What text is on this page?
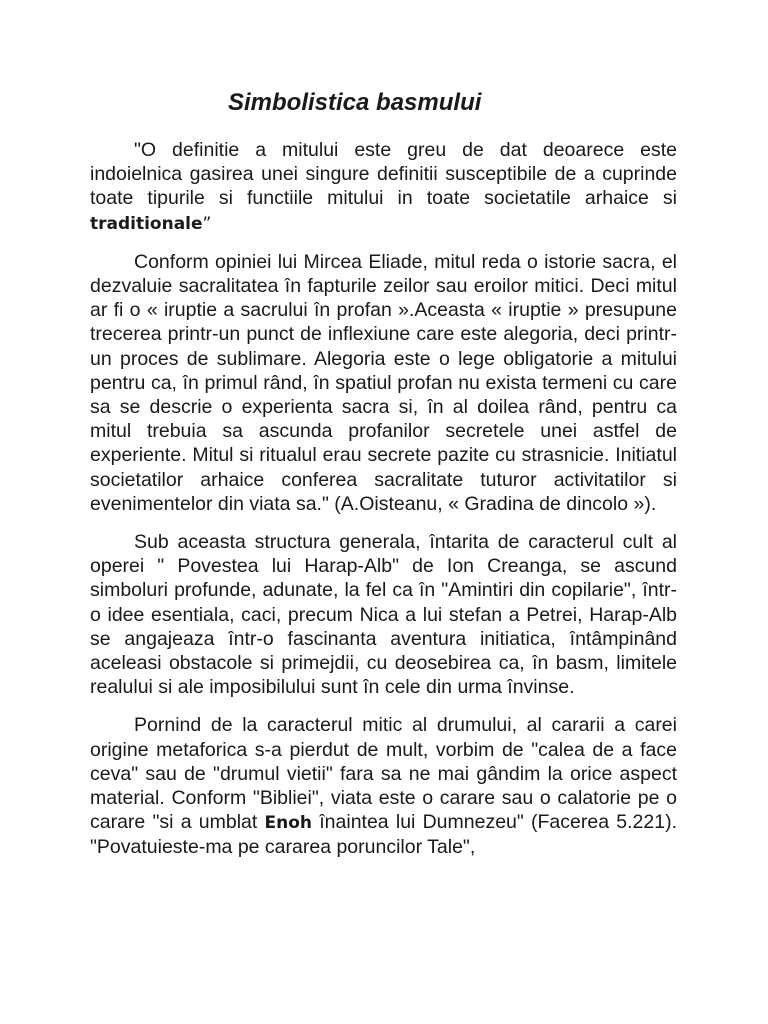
Simbolistica basmului

"O definitie a mitului este greu de dat deoarece este indoielnica gasirea unei singure definitii susceptibile de a cuprinde toate tipurile si functiile mitului in toate societatile arhaice si traditionale”

Conform opiniei lui Mircea Eliade, mitul reda o istorie sacra, el dezvaluie sacralitatea în fapturile zeilor sau eroilor mitici. Deci mitul ar fi o « iruptie a sacrului în profan ».Aceasta « iruptie » presupune trecerea printr-un punct de inflexiune care este alegoria, deci printr-un proces de sublimare. Alegoria este o lege obligatorie a mitului pentru ca, în primul rând, în spatiul profan nu exista termeni cu care sa se descrie o experienta sacra si, în al doilea rând, pentru ca mitul trebuia sa ascunda profanilor secretele unei astfel de experiente. Mitul si ritualul erau secrete pazite cu strasnicie. Initiatul societatilor arhaice conferea sacralitate tuturor activitatilor si evenimentelor din viata sa." (A.Oisteanu, « Gradina de dincolo »).

Sub aceasta structura generala, întarita de caracterul cult al operei " Povestea lui Harap-Alb" de Ion Creanga, se ascund simboluri profunde, adunate, la fel ca în "Amintiri din copilarie", într-o idee esentiala, caci, precum Nica a lui stefan a Petrei, Harap-Alb se angajeaza într-o fascinanta aventura initiatica, întâmpinând aceleasi obstacole si primejdii, cu deosebirea ca, în basm, limitele realului si ale imposibilului sunt în cele din urma învinse.

Pornind de la caracterul mitic al drumului, al cararii a carei origine metaforica s-a pierdut de mult, vorbim de "calea de a face ceva" sau de "drumul vietii" fara sa ne mai gândim la orice aspect material. Conform "Bibliei", viata este o carare sau o calatorie pe o carare "si a umblat Enoh înaintea lui Dumnezeu" (Facerea 5.221). "Povatuieste-ma pe cararea poruncilor Tale",
